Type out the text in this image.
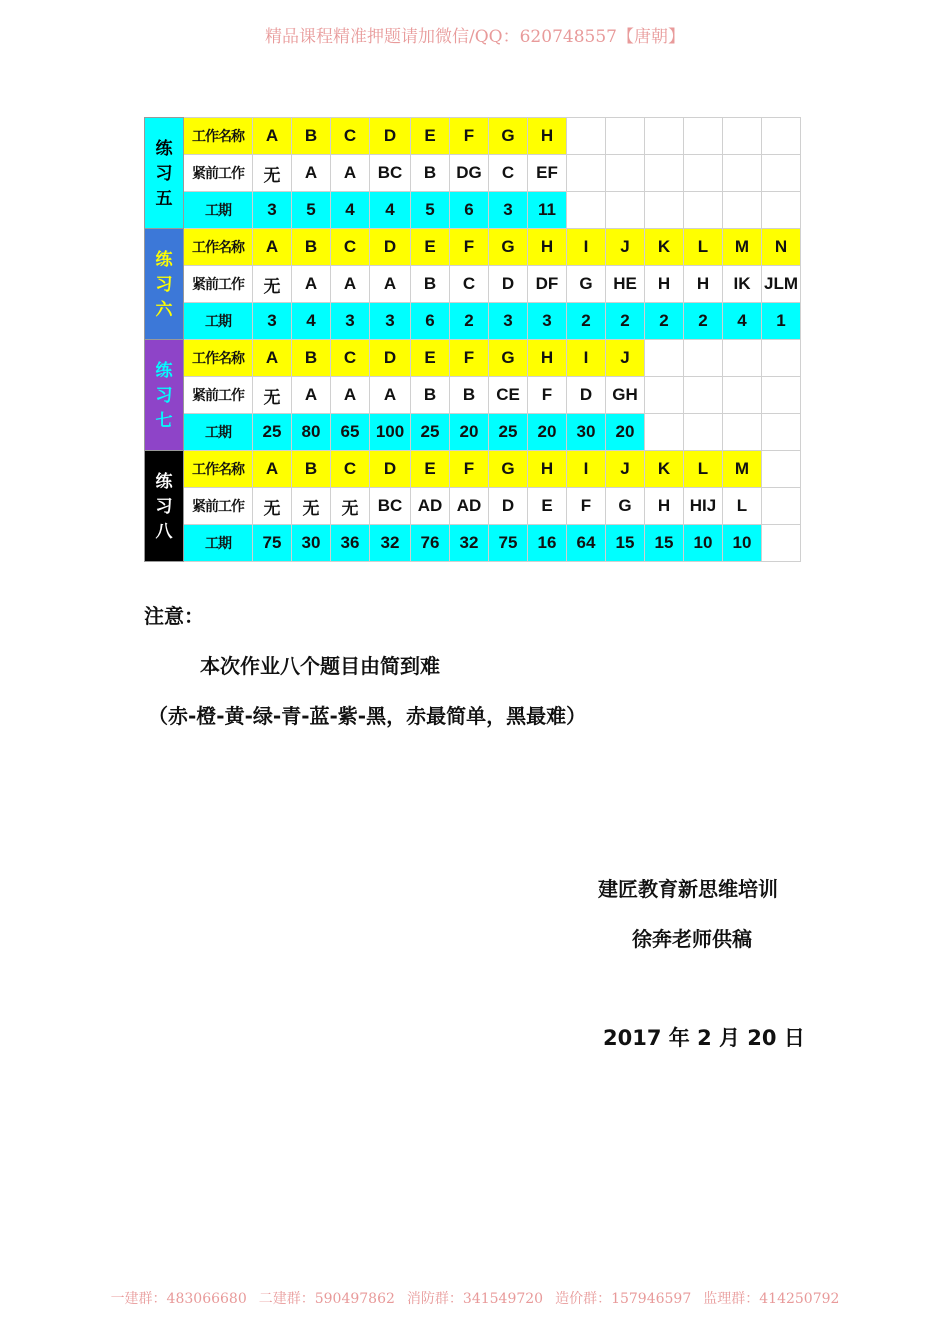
精品课程精准押题请加微信/QQ：620748557【唐朝】
练
习
五	工作名称	A	B	C	D	E	F	G	H						
	紧前工作	无	A	A	BC	B	DG	C	EF						
	工期	3	5	4	4	5	6	3	11						
练
习
六	工作名称	A	B	C	D	E	F	G	H	I	J	K	L	M	N
	紧前工作	无	A	A	A	B	C	D	DF	G	HE	H	H	IK	JLM
	工期	3	4	3	3	6	2	3	3	2	2	2	2	4	1
练
习
七	工作名称	A	B	C	D	E	F	G	H	I	J				
	紧前工作	无	A	A	A	B	B	CE	F	D	GH				
	工期	25	80	65	100	25	20	25	20	30	20				
练
习
八	工作名称	A	B	C	D	E	F	G	H	I	J	K	L	M	
	紧前工作	无	无	无	BC	AD	AD	D	E	F	G	H	HIJ	L	
	工期	75	30	36	32	76	32	75	16	64	15	15	10	10	
注意：
本次作业八个题目由简到难
（赤-橙-黄-绿-青-蓝-紫-黑，赤最简单，黑最难）
建匠教育新思维培训
徐奔老师供稿
2017 年 2 月 20 日
一建群：483066680 二建群：590497862 消防群：341549720 造价群：157946597 监理群：414250792
